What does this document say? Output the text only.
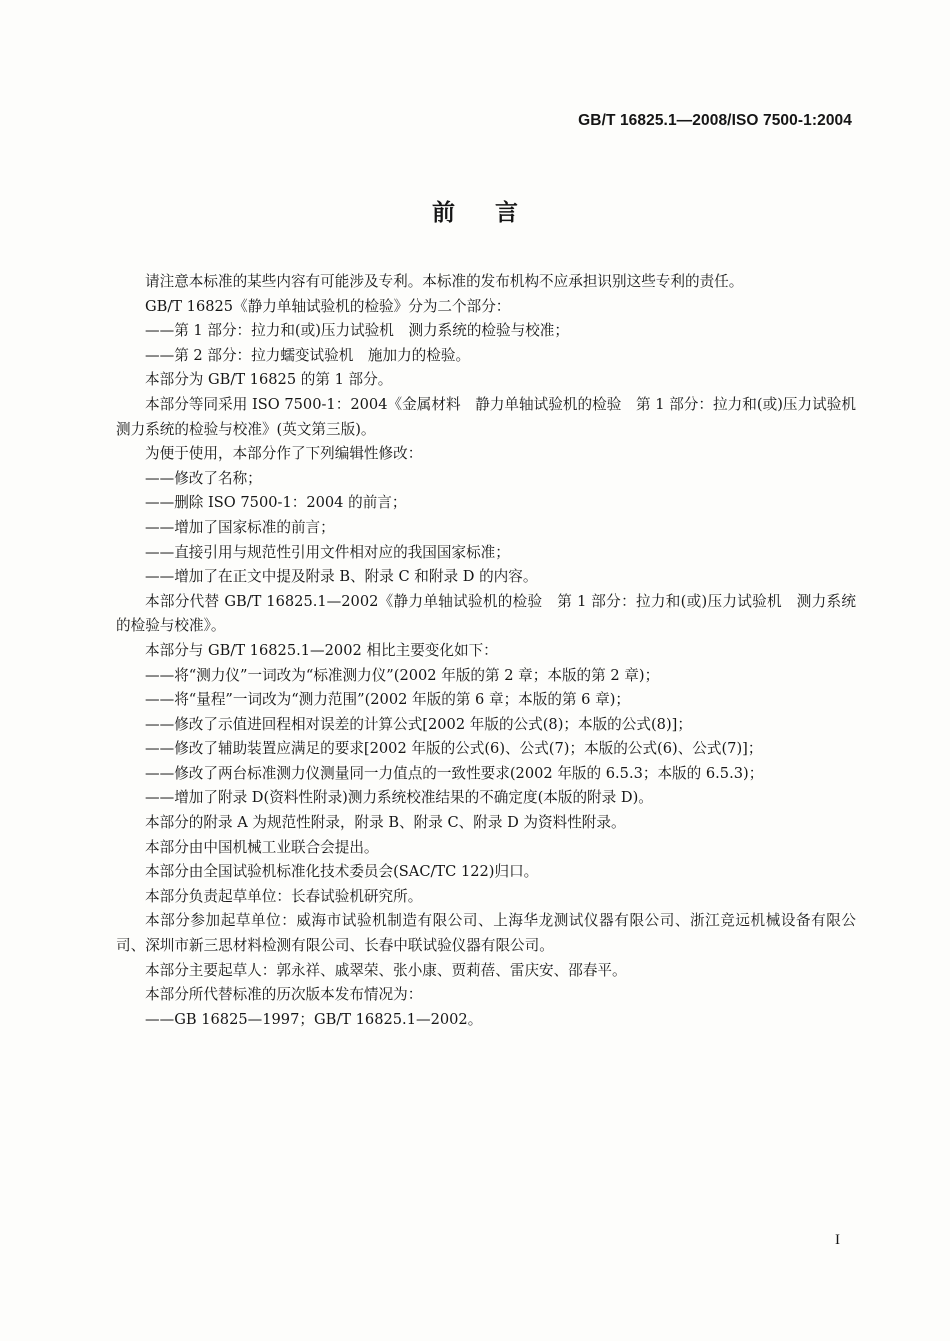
GB/T 16825.1—2008/ISO 7500-1:2004
前言

请注意本标准的某些内容有可能涉及专利。本标准的发布机构不应承担识别这些专利的责任。

GB/T 16825《静力单轴试验机的检验》分为二个部分：

——第 1 部分：拉力和(或)压力试验机　测力系统的检验与校准；

——第 2 部分：拉力蠕变试验机　施加力的检验。

本部分为 GB/T 16825 的第 1 部分。

本部分等同采用 ISO 7500-1：2004《金属材料　静力单轴试验机的检验　第 1 部分：拉力和(或)压力试验机　测力系统的检验与校准》(英文第三版)。

为便于使用，本部分作了下列编辑性修改：

——修改了名称；

——删除 ISO 7500-1：2004 的前言；

——增加了国家标准的前言；

——直接引用与规范性引用文件相对应的我国国家标准；

——增加了在正文中提及附录 B、附录 C 和附录 D 的内容。

本部分代替 GB/T 16825.1—2002《静力单轴试验机的检验　第 1 部分：拉力和(或)压力试验机　测力系统的检验与校准》。

本部分与 GB/T 16825.1—2002 相比主要变化如下：

——将“测力仪”一词改为“标准测力仪”(2002 年版的第 2 章；本版的第 2 章)；

——将“量程”一词改为“测力范围”(2002 年版的第 6 章；本版的第 6 章)；

——修改了示值进回程相对误差的计算公式[2002 年版的公式(8)；本版的公式(8)]；

——修改了辅助装置应满足的要求[2002 年版的公式(6)、公式(7)；本版的公式(6)、公式(7)]；

——修改了两台标准测力仪测量同一力值点的一致性要求(2002 年版的 6.5.3；本版的 6.5.3)；

——增加了附录 D(资料性附录)测力系统校准结果的不确定度(本版的附录 D)。

本部分的附录 A 为规范性附录，附录 B、附录 C、附录 D 为资料性附录。

本部分由中国机械工业联合会提出。

本部分由全国试验机标准化技术委员会(SAC/TC 122)归口。

本部分负责起草单位：长春试验机研究所。

本部分参加起草单位：威海市试验机制造有限公司、上海华龙测试仪器有限公司、浙江竞远机械设备有限公司、深圳市新三思材料检测有限公司、长春中联试验仪器有限公司。

本部分主要起草人：郭永祥、戚翠荣、张小康、贾莉蓓、雷庆安、邵春平。

本部分所代替标准的历次版本发布情况为：

——GB 16825—1997；GB/T 16825.1—2002。

I
